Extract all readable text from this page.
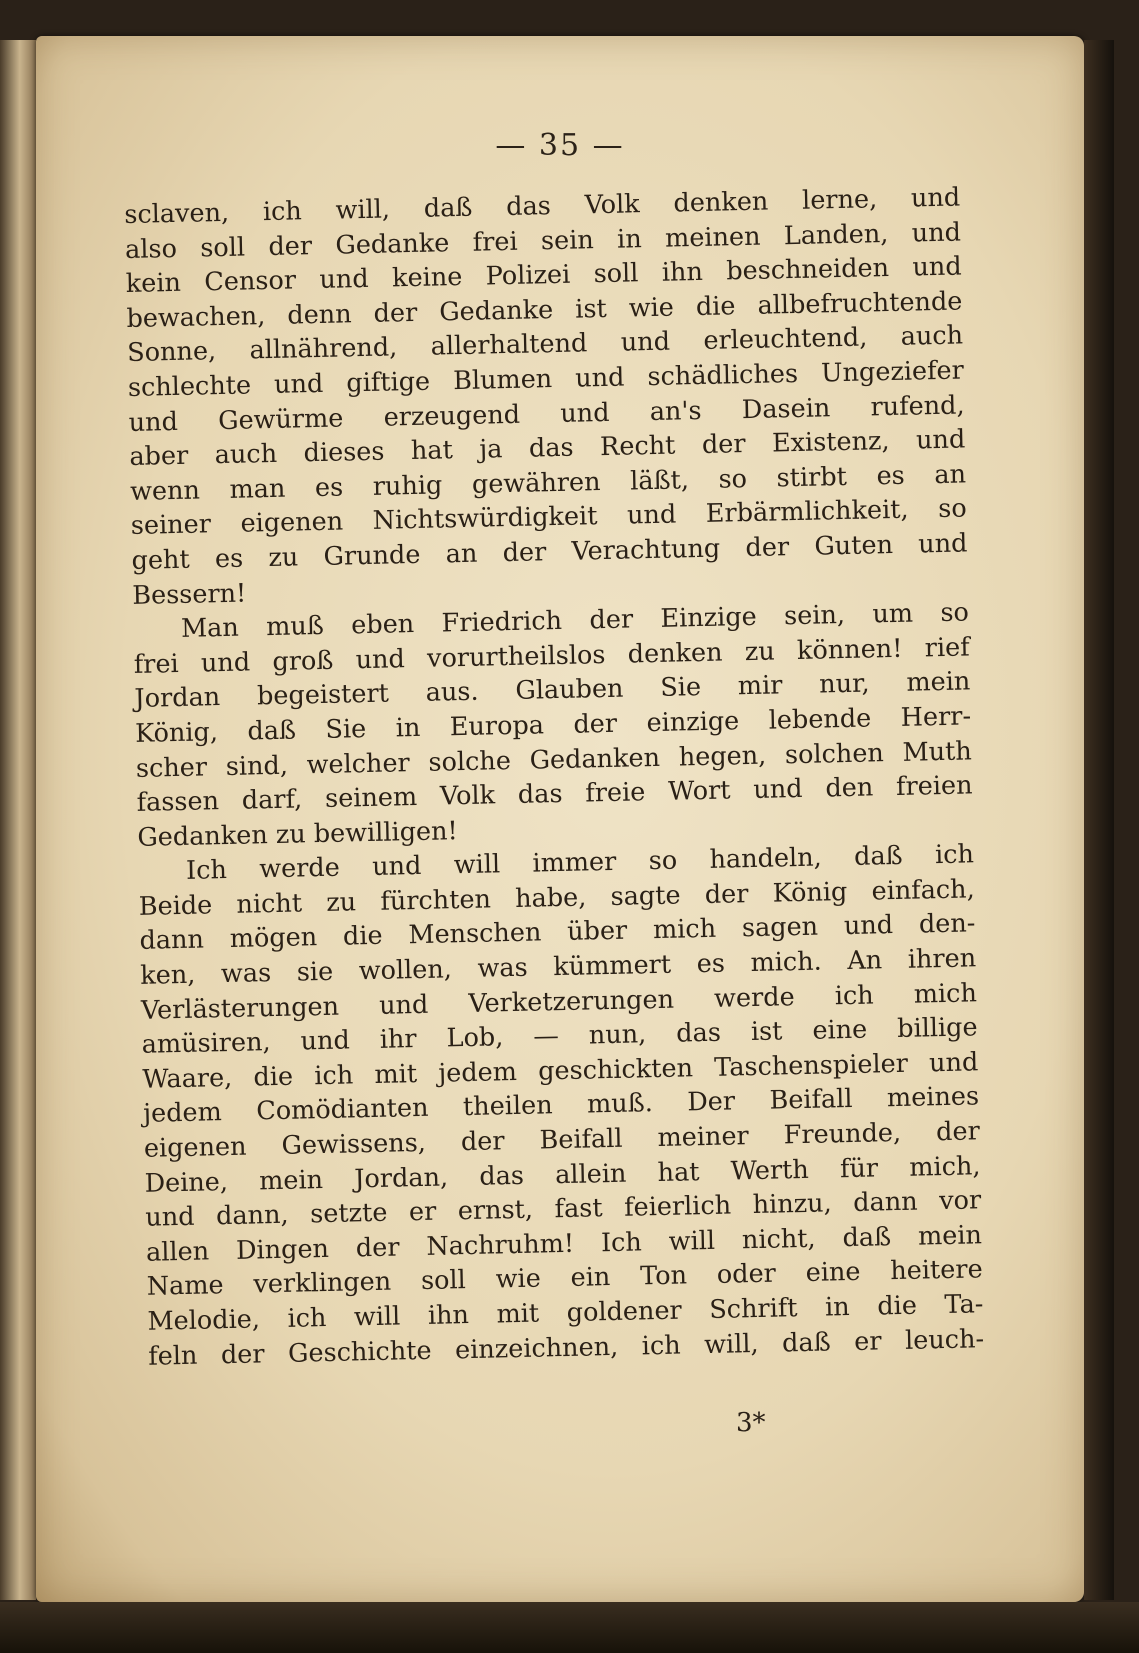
— 35 —
sclaven, ich will, daß das Volk denken lerne, und
also soll der Gedanke frei sein in meinen Landen, und
kein Censor und keine Polizei soll ihn beschneiden und
bewachen, denn der Gedanke ist wie die allbefruchtende
Sonne, allnährend, allerhaltend und erleuchtend, auch
schlechte und giftige Blumen und schädliches Ungeziefer
und Gewürme erzeugend und an's Dasein rufend,
aber auch dieses hat ja das Recht der Existenz, und
wenn man es ruhig gewähren läßt, so stirbt es an
seiner eigenen Nichtswürdigkeit und Erbärmlichkeit, so
geht es zu Grunde an der Verachtung der Guten und
Bessern!
Man muß eben Friedrich der Einzige sein, um so
frei und groß und vorurtheilslos denken zu können! rief
Jordan begeistert aus. Glauben Sie mir nur, mein
König, daß Sie in Europa der einzige lebende Herr-
scher sind, welcher solche Gedanken hegen, solchen Muth
fassen darf, seinem Volk das freie Wort und den freien
Gedanken zu bewilligen!
Ich werde und will immer so handeln, daß ich
Beide nicht zu fürchten habe, sagte der König einfach,
dann mögen die Menschen über mich sagen und den-
ken, was sie wollen, was kümmert es mich. An ihren
Verlästerungen und Verketzerungen werde ich mich
amüsiren, und ihr Lob, — nun, das ist eine billige
Waare, die ich mit jedem geschickten Taschenspieler und
jedem Comödianten theilen muß. Der Beifall meines
eigenen Gewissens, der Beifall meiner Freunde, der
Deine, mein Jordan, das allein hat Werth für mich,
und dann, setzte er ernst, fast feierlich hinzu, dann vor
allen Dingen der Nachruhm! Ich will nicht, daß mein
Name verklingen soll wie ein Ton oder eine heitere
Melodie, ich will ihn mit goldener Schrift in die Ta-
feln der Geschichte einzeichnen, ich will, daß er leuch-
3*
